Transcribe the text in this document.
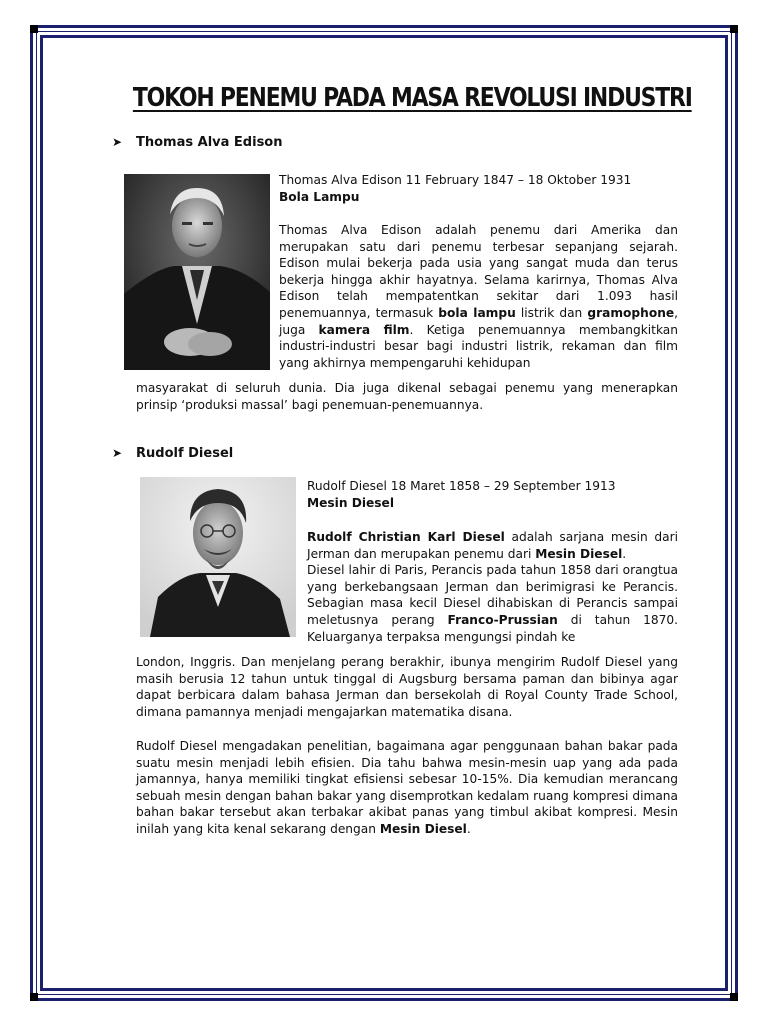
TOKOH PENEMU PADA MASA REVOLUSI INDUSTRI
➤ Thomas Alva Edison
Thomas Alva Edison 11 February 1847 – 18 Oktober 1931
Bola Lampu
Thomas Alva Edison adalah penemu dari Amerika dan merupakan satu dari penemu terbesar sepanjang sejarah. Edison mulai bekerja pada usia yang sangat muda dan terus bekerja hingga akhir hayatnya. Selama karirnya, Thomas Alva Edison telah mempatentkan sekitar dari 1.093 hasil penemuannya, termasuk bola lampu listrik dan gramophone, juga kamera film. Ketiga penemuannya membangkitkan industri-industri besar bagi industri listrik, rekaman dan film yang akhirnya mempengaruhi kehidupan
masyarakat di seluruh dunia. Dia juga dikenal sebagai penemu yang menerapkan prinsip ‘produksi massal’ bagi penemuan-penemuannya.
➤ Rudolf Diesel
Rudolf Diesel 18 Maret 1858 – 29 September 1913
Mesin Diesel

Rudolf Christian Karl Diesel adalah sarjana mesin dari Jerman dan merupakan penemu dari Mesin Diesel.

Diesel lahir di Paris, Perancis pada tahun 1858 dari orangtua yang berkebangsaan Jerman dan berimigrasi ke Perancis. Sebagian masa kecil Diesel dihabiskan di Perancis sampai meletusnya perang Franco-Prussian di tahun 1870. Keluarganya terpaksa mengungsi pindah ke

London, Inggris. Dan menjelang perang berakhir, ibunya mengirim Rudolf Diesel yang masih berusia 12 tahun untuk tinggal di Augsburg bersama paman dan bibinya agar dapat berbicara dalam bahasa Jerman dan bersekolah di Royal County Trade School, dimana pamannya menjadi mengajarkan matematika disana.
Rudolf Diesel mengadakan penelitian, bagaimana agar penggunaan bahan bakar pada suatu mesin menjadi lebih efisien. Dia tahu bahwa mesin-mesin uap yang ada pada jamannya, hanya memiliki tingkat efisiensi sebesar 10-15%. Dia kemudian merancang sebuah mesin dengan bahan bakar yang disemprotkan kedalam ruang kompresi dimana bahan bakar tersebut akan terbakar akibat panas yang timbul akibat kompresi. Mesin inilah yang kita kenal sekarang dengan Mesin Diesel.
